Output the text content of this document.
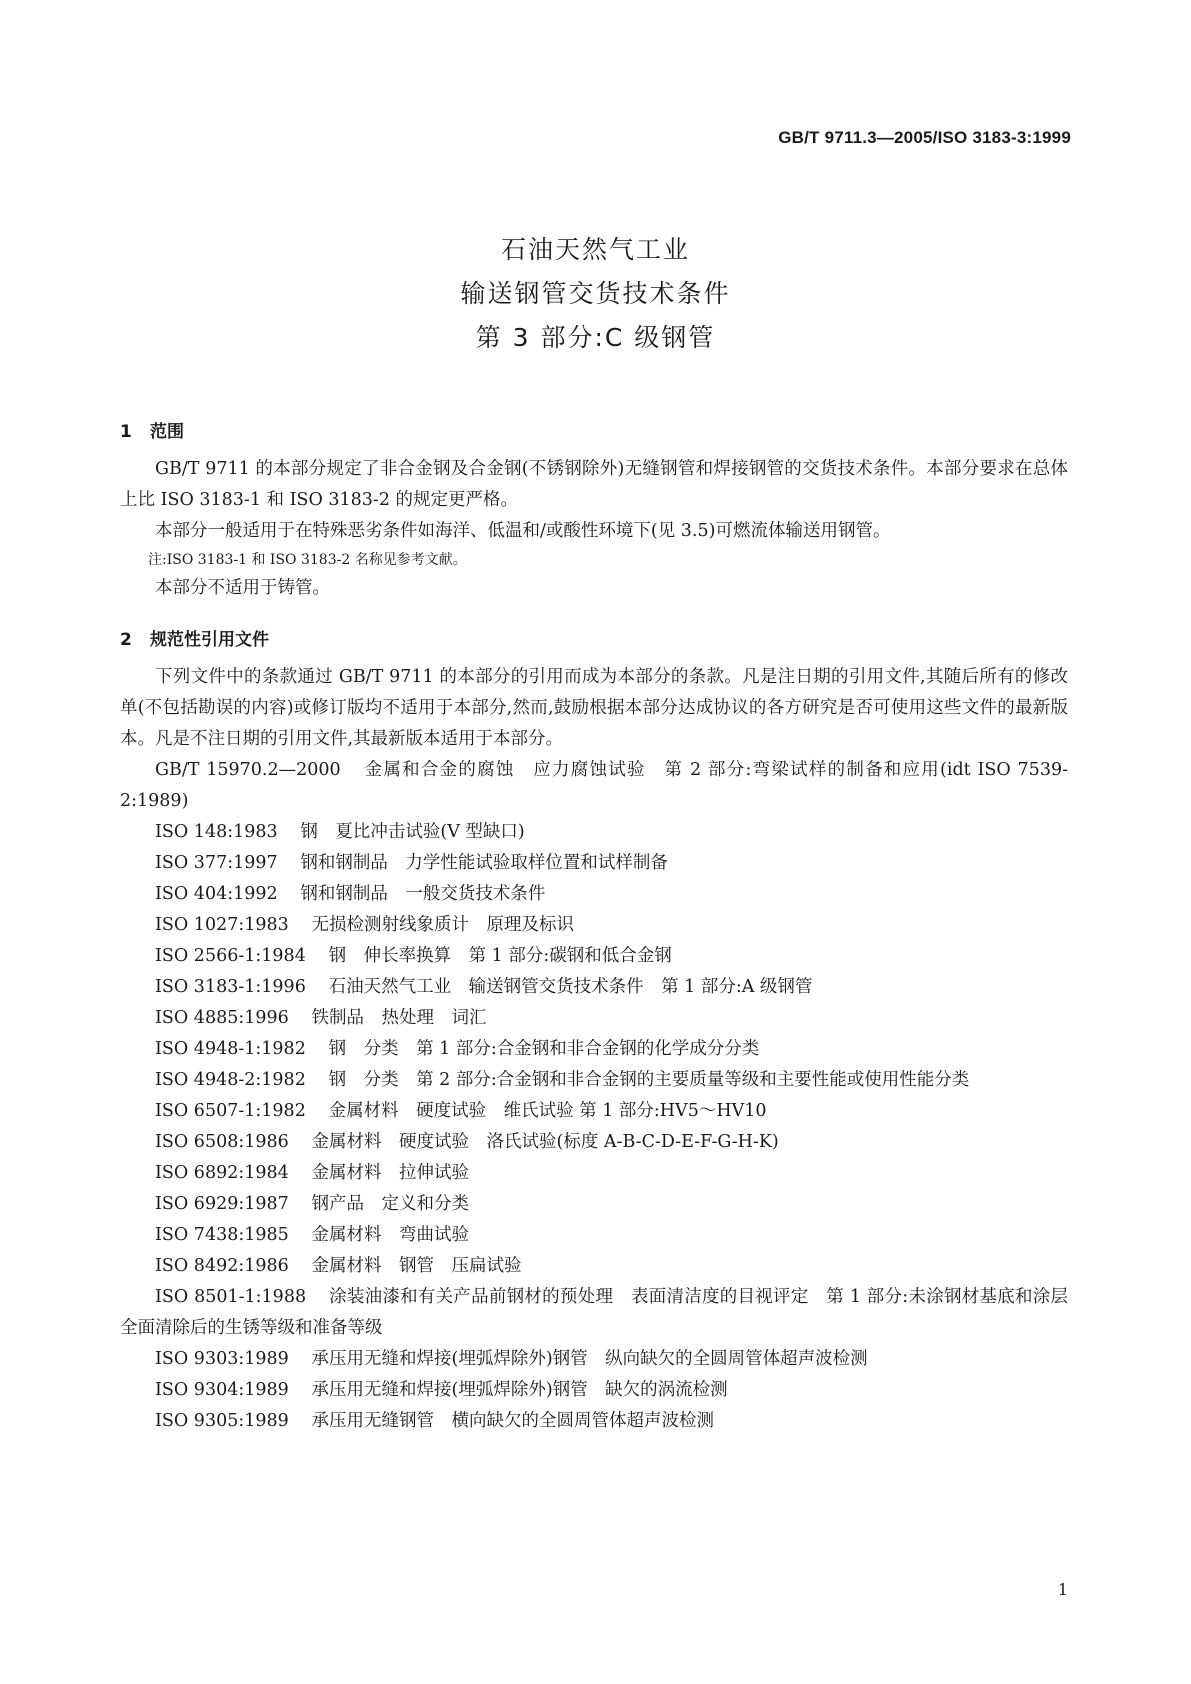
GB/T 9711.3—2005/ISO 3183-3:1999
石油天然气工业
输送钢管交货技术条件
第 3 部分:C 级钢管
1 范围

GB/T 9711 的本部分规定了非合金钢及合金钢(不锈钢除外)无缝钢管和焊接钢管的交货技术条件。本部分要求在总体上比 ISO 3183-1 和 ISO 3183-2 的规定更严格。

本部分一般适用于在特殊恶劣条件如海洋、低温和/或酸性环境下(见 3.5)可燃流体输送用钢管。

注:ISO 3183-1 和 ISO 3183-2 名称见参考文献。

本部分不适用于铸管。

2 规范性引用文件

下列文件中的条款通过 GB/T 9711 的本部分的引用而成为本部分的条款。凡是注日期的引用文件,其随后所有的修改单(不包括勘误的内容)或修订版均不适用于本部分,然而,鼓励根据本部分达成协议的各方研究是否可使用这些文件的最新版本。凡是不注日期的引用文件,其最新版本适用于本部分。

GB/T 15970.2—2000 金属和合金的腐蚀　应力腐蚀试验　第 2 部分:弯梁试样的制备和应用(idt ISO 7539-2:1989)

ISO 148:1983 钢　夏比冲击试验(V 型缺口)

ISO 377:1997 钢和钢制品　力学性能试验取样位置和试样制备

ISO 404:1992 钢和钢制品　一般交货技术条件

ISO 1027:1983 无损检测射线象质计　原理及标识

ISO 2566-1:1984 钢　伸长率换算　第 1 部分:碳钢和低合金钢

ISO 3183-1:1996 石油天然气工业　输送钢管交货技术条件　第 1 部分:A 级钢管

ISO 4885:1996 铁制品　热处理　词汇

ISO 4948-1:1982 钢　分类　第 1 部分:合金钢和非合金钢的化学成分分类

ISO 4948-2:1982 钢　分类　第 2 部分:合金钢和非合金钢的主要质量等级和主要性能或使用性能分类

ISO 6507-1:1982 金属材料　硬度试验　维氏试验 第 1 部分:HV5～HV10

ISO 6508:1986 金属材料　硬度试验　洛氏试验(标度 A-B-C-D-E-F-G-H-K)

ISO 6892:1984 金属材料　拉伸试验

ISO 6929:1987 钢产品　定义和分类

ISO 7438:1985 金属材料　弯曲试验

ISO 8492:1986 金属材料　钢管　压扁试验

ISO 8501-1:1988 涂装油漆和有关产品前钢材的预处理　表面清洁度的目视评定　第 1 部分:未涂钢材基底和涂层全面清除后的生锈等级和准备等级

ISO 9303:1989 承压用无缝和焊接(埋弧焊除外)钢管　纵向缺欠的全圆周管体超声波检测

ISO 9304:1989 承压用无缝和焊接(埋弧焊除外)钢管　缺欠的涡流检测

ISO 9305:1989 承压用无缝钢管　横向缺欠的全圆周管体超声波检测

1
